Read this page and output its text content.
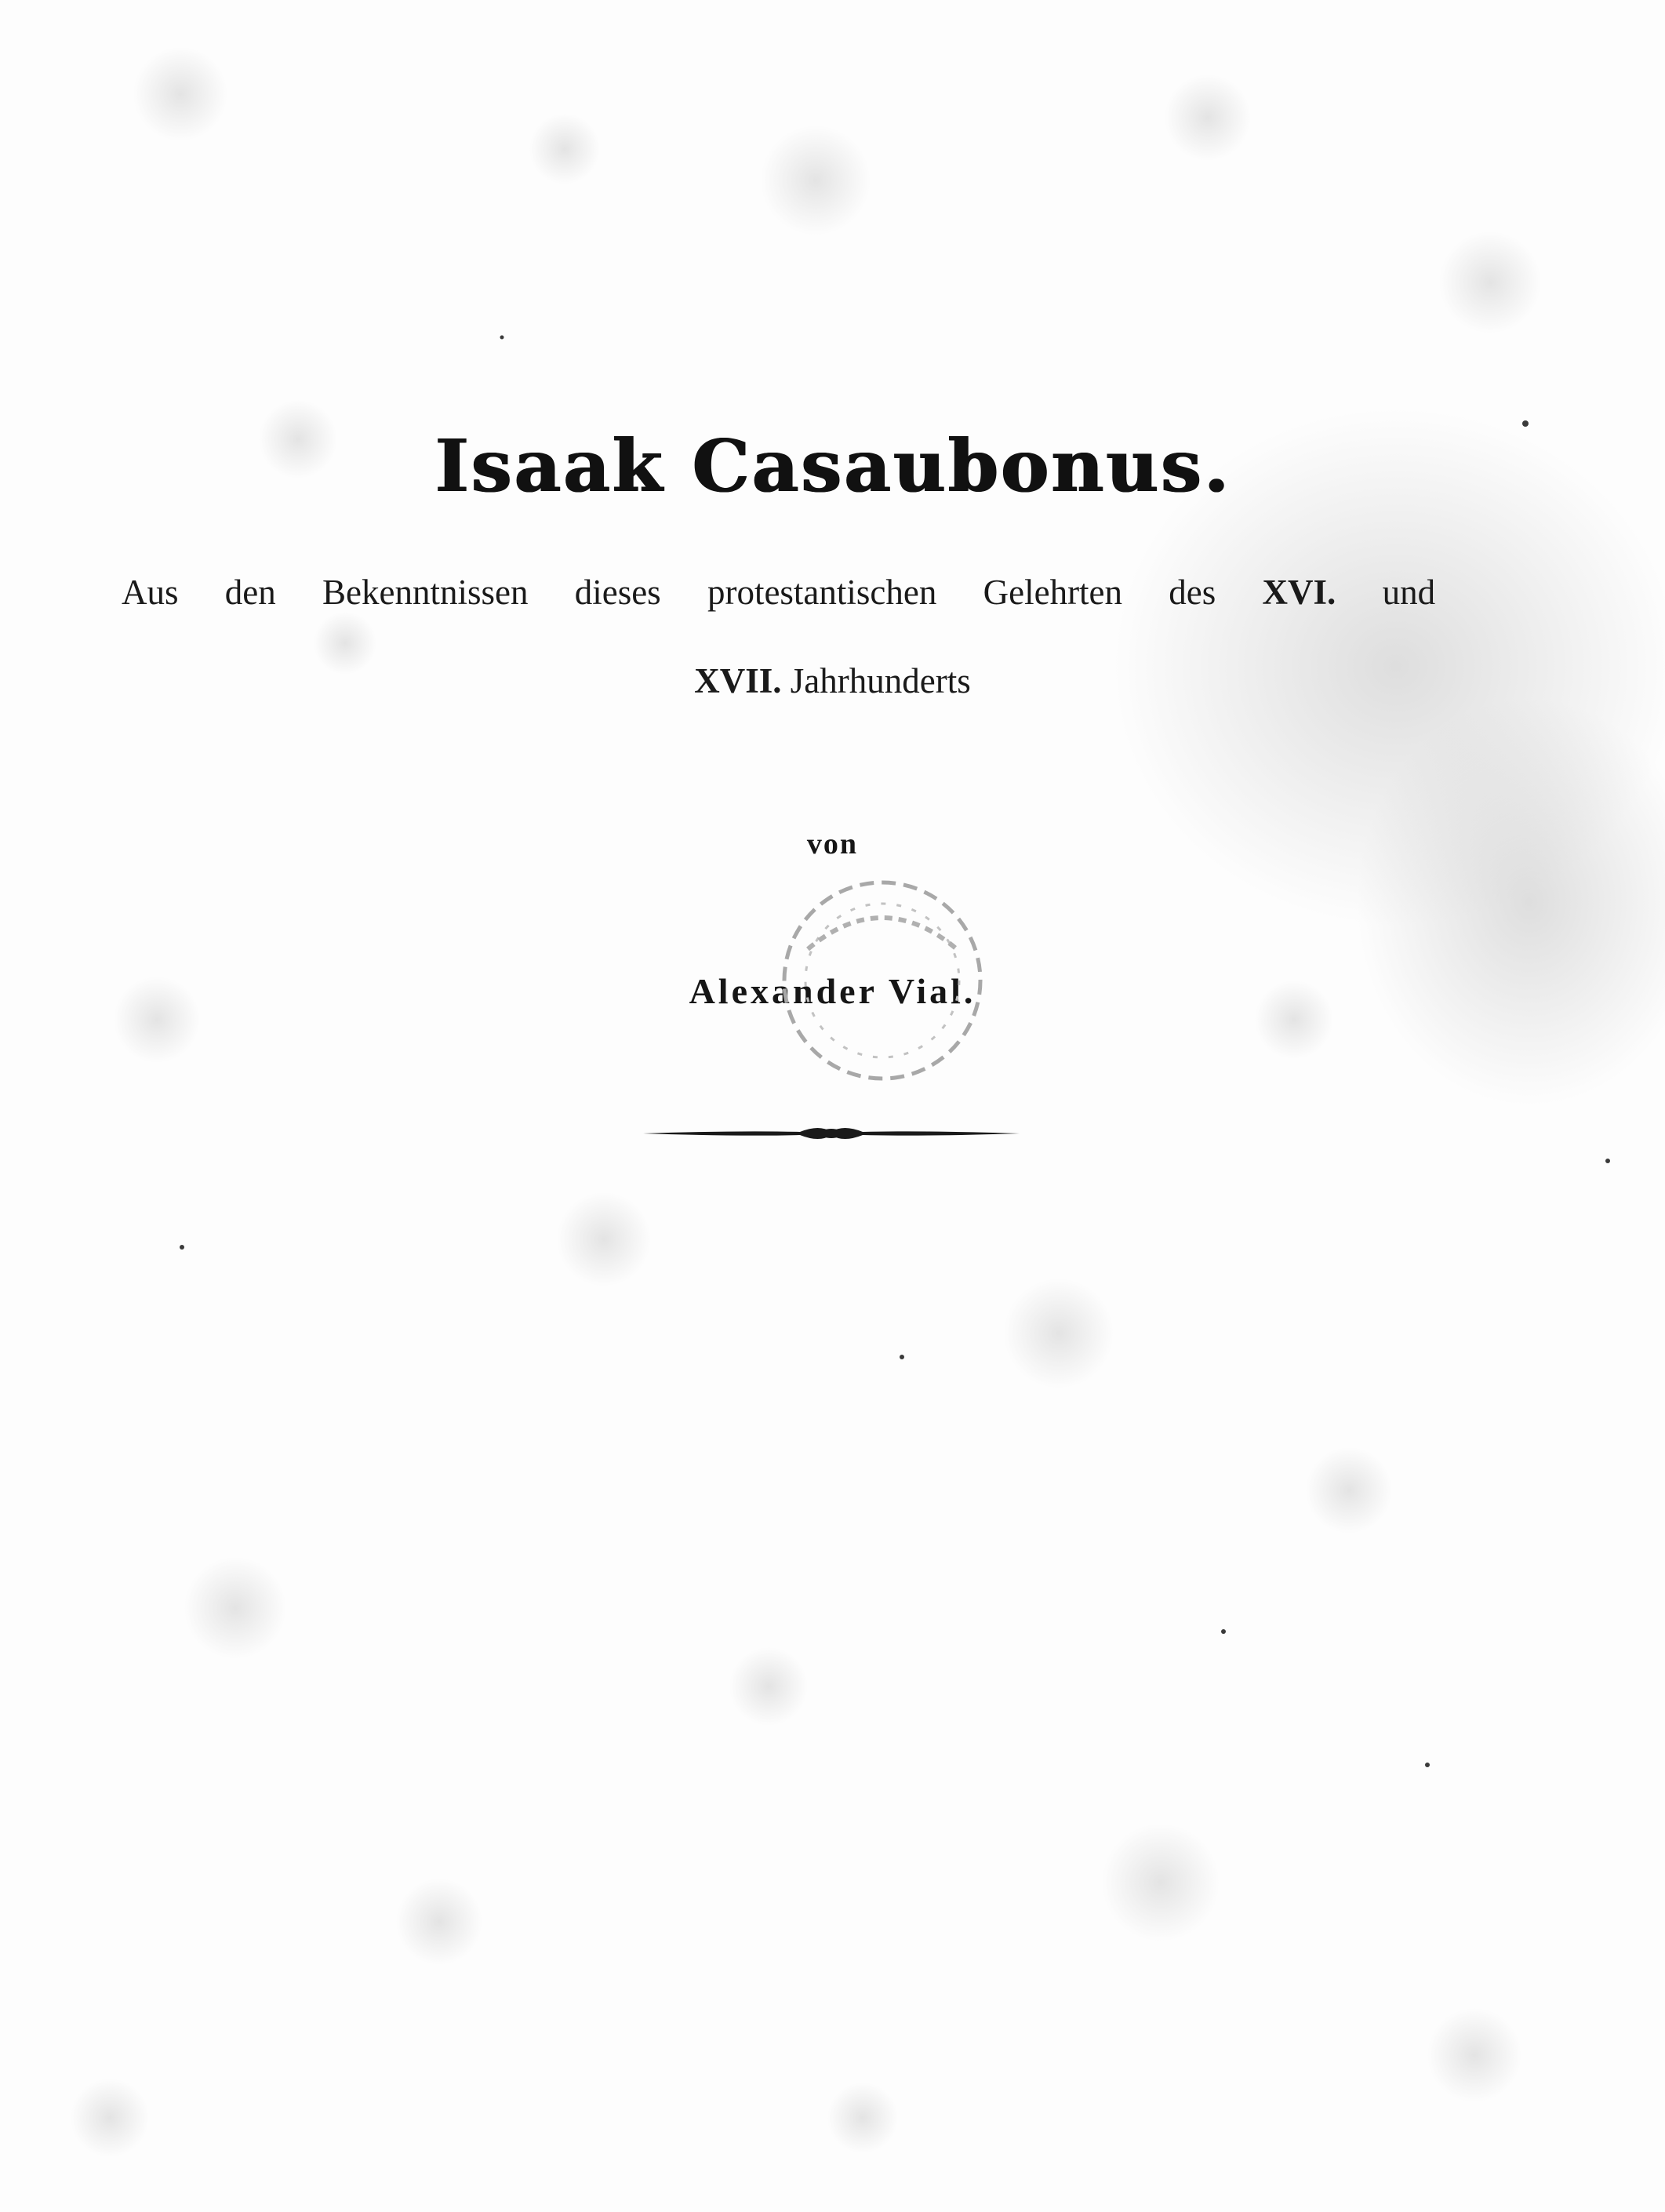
Isaak Casaubonus.
Aus den Bekenntnissen dieses protestantischen Gelehrten des XVI. und
XVII. Jahrhunderts
von
Alexander Vial.
